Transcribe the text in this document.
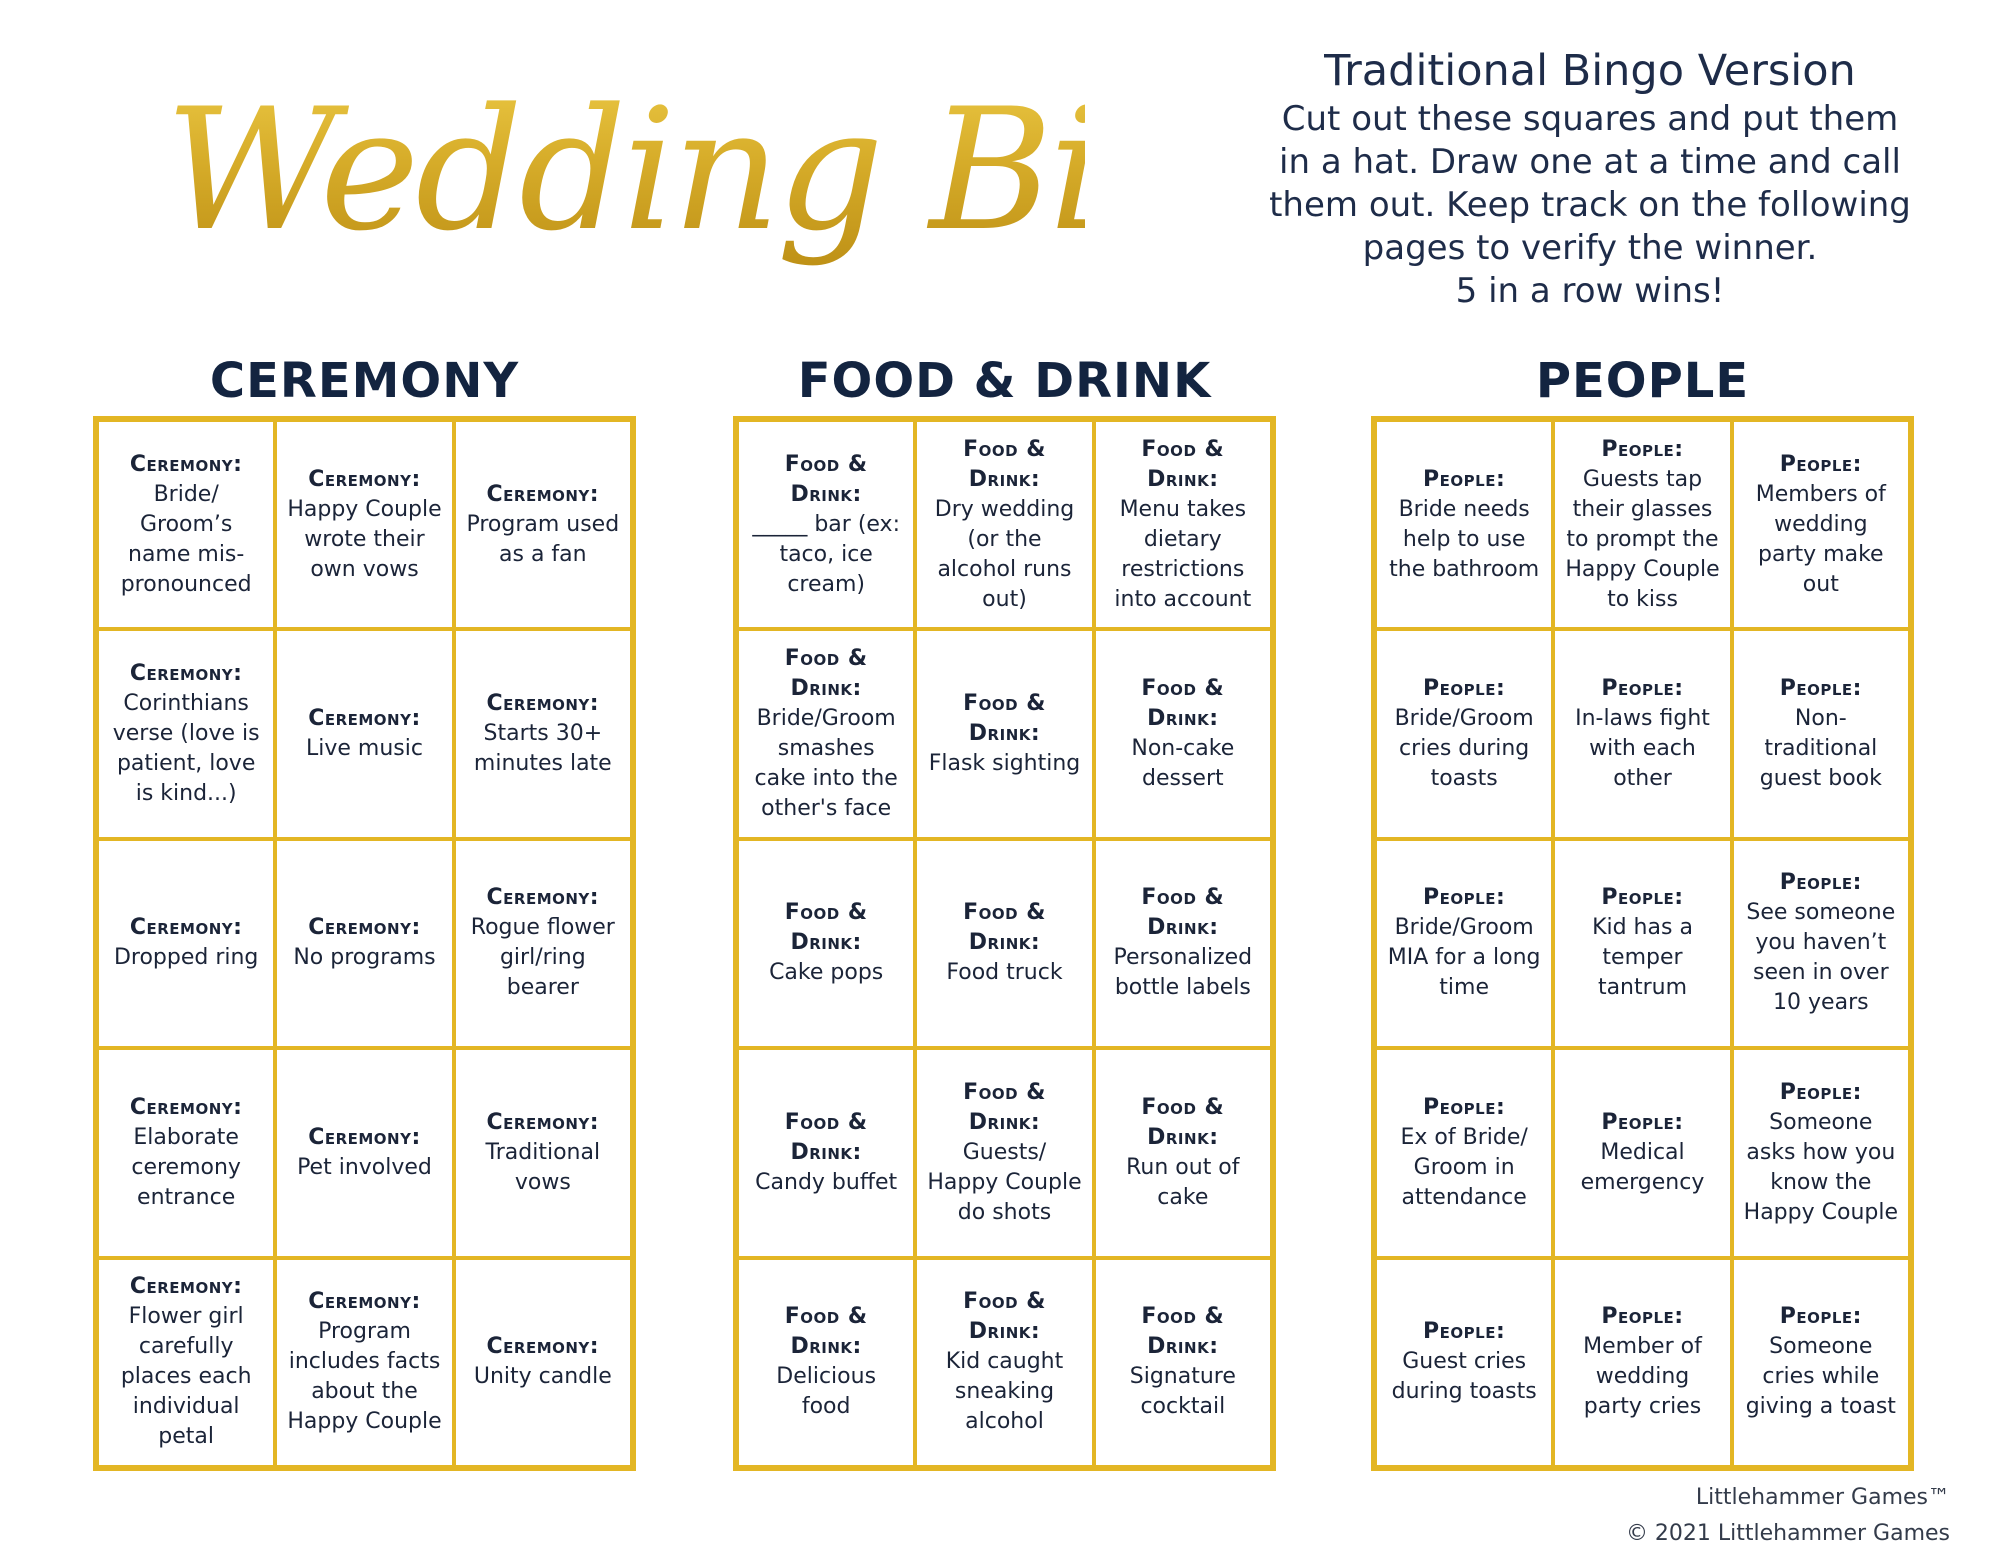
Wedding Bingo
Traditional Bingo Version
Cut out these squares and put them
in a hat. Draw one at a time and call
them out. Keep track on the following
pages to verify the winner.
5 in a row wins!
CEREMONY
Ceremony:
Bride/ Groom’s name mis-pronounced
Ceremony:
Happy Couple wrote their own vows
Ceremony:
Program used as a fan
Ceremony:
Corinthians verse (love is patient, love is kind...)
Ceremony:
Live music
Ceremony:
Starts 30+ minutes late
Ceremony:
Dropped ring
Ceremony:
No programs
Ceremony:
Rogue flower girl/ring bearer
Ceremony:
Elaborate ceremony entrance
Ceremony:
Pet involved
Ceremony:
Traditional vows
Ceremony:
Flower girl carefully places each individual petal
Ceremony:
Program includes facts about the Happy Couple
Ceremony:
Unity candle
FOOD & DRINK
Food & Drink:
_____ bar (ex: taco, ice cream)
Food & Drink:
Dry wedding (or the alcohol runs out)
Food & Drink:
Menu takes dietary restrictions into account
Food & Drink:
Bride/Groom smashes cake into the other's face
Food & Drink:
Flask sighting
Food & Drink:
Non-cake dessert
Food & Drink:
Cake pops
Food & Drink:
Food truck
Food & Drink:
Personalized bottle labels
Food & Drink:
Candy buffet
Food & Drink:
Guests/ Happy Couple do shots
Food & Drink:
Run out of cake
Food & Drink:
Delicious food
Food & Drink:
Kid caught sneaking alcohol
Food & Drink:
Signature cocktail
PEOPLE
People:
Bride needs help to use the bathroom
People:
Guests tap their glasses to prompt the Happy Couple to kiss
People:
Members of wedding party make out
People:
Bride/Groom cries during toasts
People:
In-laws fight with each other
People:
Non-traditional guest book
People:
Bride/Groom MIA for a long time
People:
Kid has a temper tantrum
People:
See someone you haven’t seen in over 10 years
People:
Ex of Bride/ Groom in attendance
People:
Medical emergency
People:
Someone asks how you know the Happy Couple
People:
Guest cries during toasts
People:
Member of wedding party cries
People:
Someone cries while giving a toast
Littlehammer Games™
© 2021 Littlehammer Games
